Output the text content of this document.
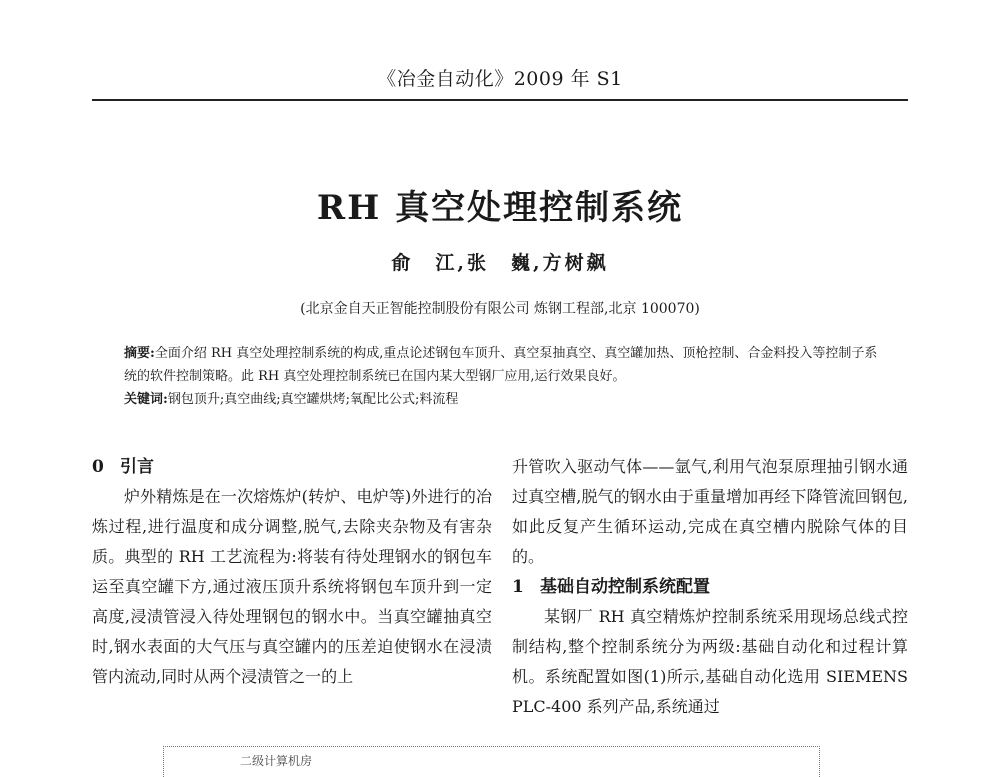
《冶金自动化》2009 年 S1
RH 真空处理控制系统
俞　江,张　巍,方树飙
(北京金自天正智能控制股份有限公司 炼钢工程部,北京 100070)

摘要:全面介绍 RH 真空处理控制系统的构成,重点论述钢包车顶升、真空泵抽真空、真空罐加热、顶枪控制、合金料投入等控制子系统的软件控制策略。此 RH 真空处理控制系统已在国内某大型钢厂应用,运行效果良好。

关键词:钢包顶升;真空曲线;真空罐烘烤;氧配比公式;料流程

0 引言

炉外精炼是在一次熔炼炉(转炉、电炉等)外进行的冶炼过程,进行温度和成分调整,脱气,去除夹杂物及有害杂质。典型的 RH 工艺流程为:将装有待处理钢水的钢包车运至真空罐下方,通过液压顶升系统将钢包车顶升到一定高度,浸渍管浸入待处理钢包的钢水中。当真空罐抽真空时,钢水表面的大气压与真空罐内的压差迫使钢水在浸渍管内流动,同时从两个浸渍管之一的上

升管吹入驱动气体——氩气,利用气泡泵原理抽引钢水通过真空槽,脱气的钢水由于重量增加再经下降管流回钢包,如此反复产生循环运动,完成在真空槽内脱除气体的目的。

1 基础自动控制系统配置

某钢厂 RH 真空精炼炉控制系统采用现场总线式控制结构,整个控制系统分为两级:基础自动化和过程计算机。系统配置如图(1)所示,基础自动化选用 SIEMENS PLC-400 系列产品,系统通过

二级计算机房
